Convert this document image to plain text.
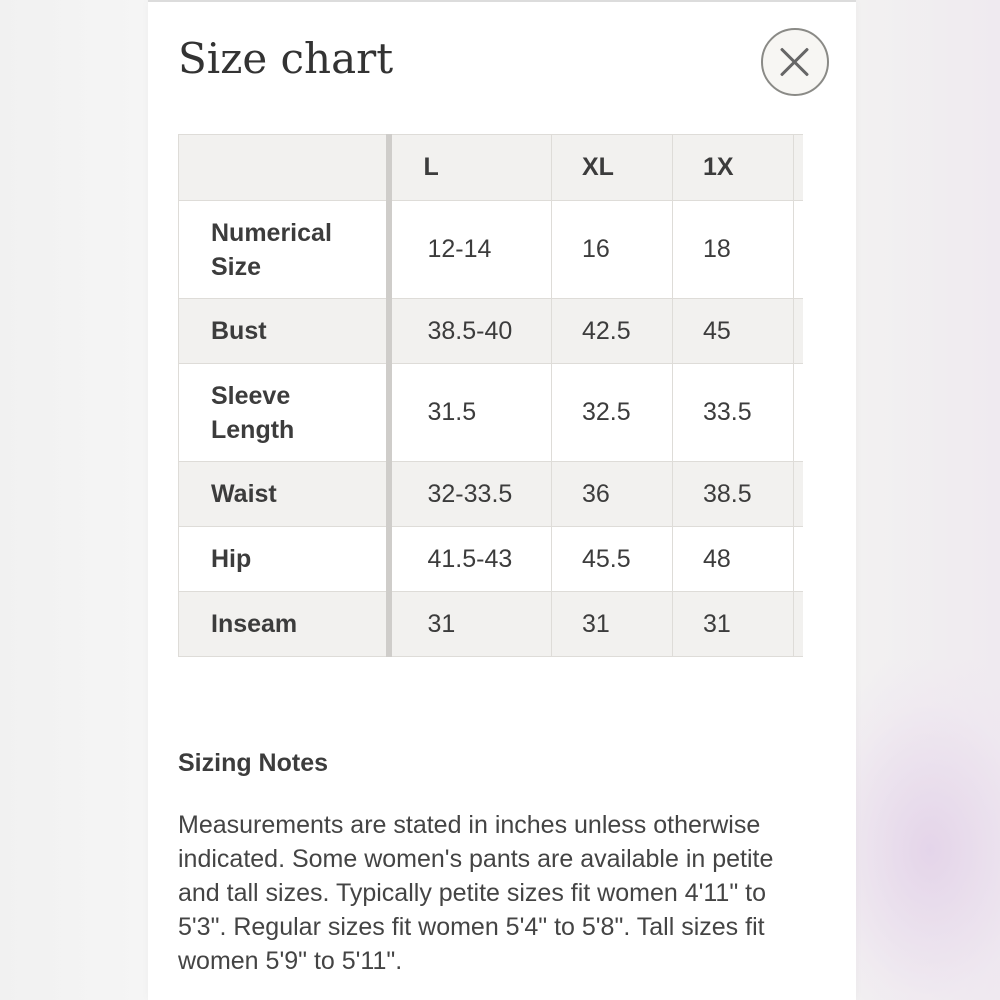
Size chart
	L	XL	1X	
Numerical Size	12-14	16	18	
Bust	38.5-40	42.5	45	
Sleeve Length	31.5	32.5	33.5	
Waist	32-33.5	36	38.5	
Hip	41.5-43	45.5	48	
Inseam	31	31	31	
Sizing Notes

Measurements are stated in inches unless otherwise indicated. Some women's pants are available in petite and tall sizes. Typically petite sizes fit women 4'11" to 5'3". Regular sizes fit women 5'4" to 5'8". Tall sizes fit women 5'9" to 5'11".
